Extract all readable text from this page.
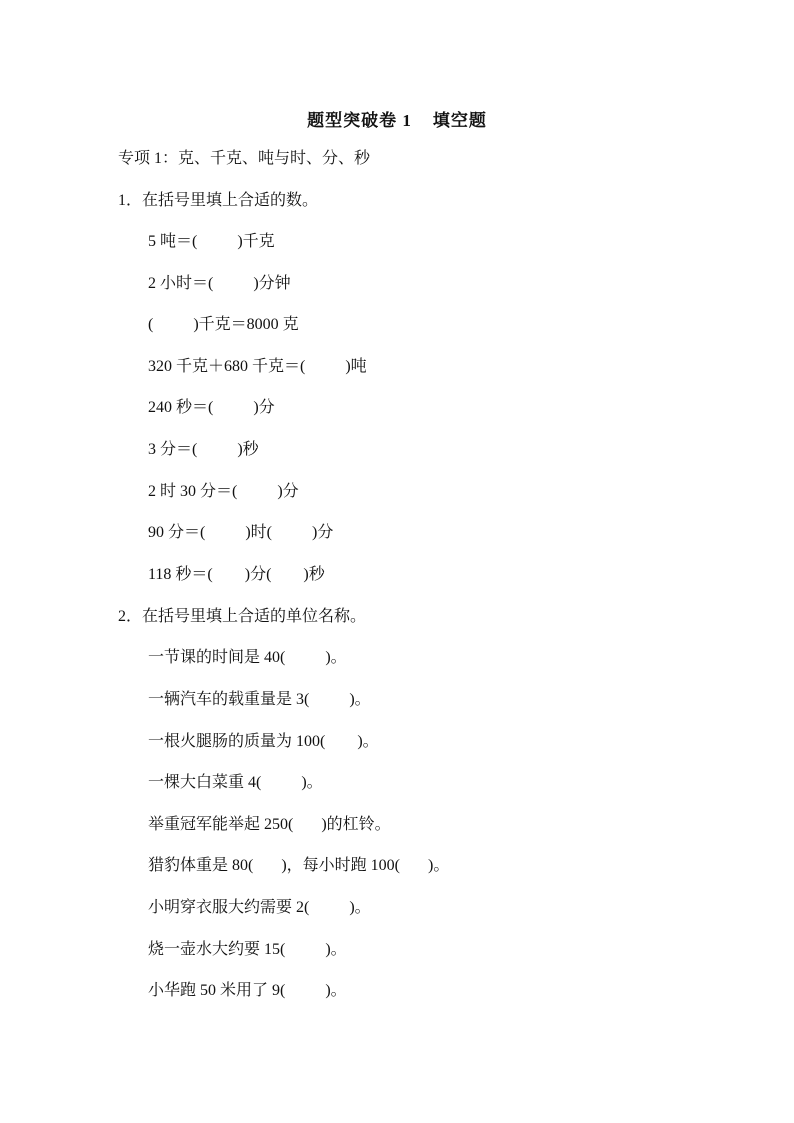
题型突破卷 1    填空题
专项 1：克、千克、吨与时、分、秒
1．在括号里填上合适的数。
5 吨＝(          )千克
2 小时＝(          )分钟
(          )千克＝8000 克
320 千克＋680 千克＝(          )吨
240 秒＝(          )分
3 分＝(          )秒
2 时 30 分＝(          )分
90 分＝(          )时(          )分
118 秒＝(        )分(        )秒
2．在括号里填上合适的单位名称。
一节课的时间是 40(          )。
一辆汽车的载重量是 3(          )。
一根火腿肠的质量为 100(        )。
一棵大白菜重 4(          )。
举重冠军能举起 250(       )的杠铃。
猎豹体重是 80(       )，每小时跑 100(       )。
小明穿衣服大约需要 2(          )。
烧一壶水大约要 15(          )。
小华跑 50 米用了 9(          )。
